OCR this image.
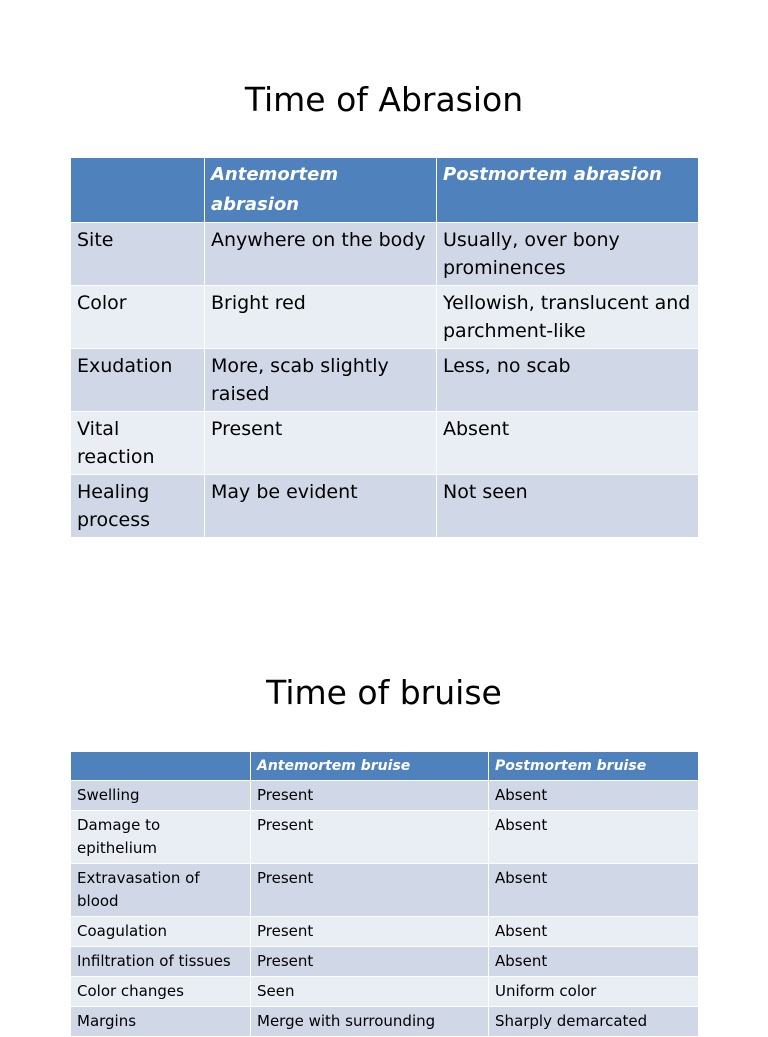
Time of Abrasion
	Antemortem abrasion	Postmortem abrasion
Site	Anywhere on the body	Usually, over bony prominences
Color	Bright red	Yellowish, translucent and parchment-like
Exudation	More, scab slightly raised	Less, no scab
Vital reaction	Present	Absent
Healing process	May be evident	Not seen
Time of bruise
	Antemortem bruise	Postmortem bruise
Swelling	Present	Absent
Damage to epithelium	Present	Absent
Extravasation of blood	Present	Absent
Coagulation	Present	Absent
Infiltration of tissues	Present	Absent
Color changes	Seen	Uniform color
Margins	Merge with surrounding	Sharply demarcated
